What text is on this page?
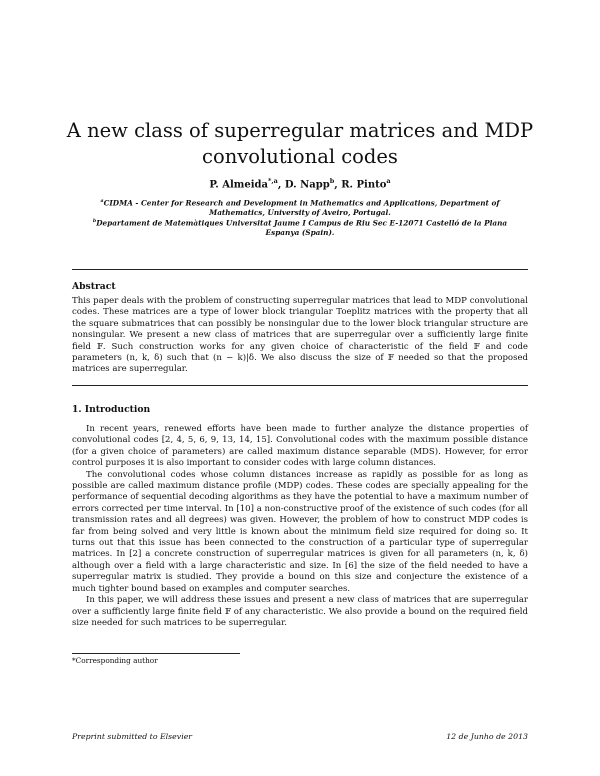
A new class of superregular matrices and MDP convolutional codes
P. Almeida$^{*,a}$, D. Napp$^b$, R. Pinto$^a$
$^a$CIDMA - Center for Research and Development in Mathematics and Applications, Department of Mathematics, University of Aveiro, Portugal.
$^b$Departament de Matemàtiques Universitat Jaume I Campus de Riu Sec E-12071 Castelló de la Plana Espanya (Spain).
Abstract

This paper deals with the problem of constructing superregular matrices that lead to MDP convolutional codes. These matrices are a type of lower block triangular Toeplitz matrices with the property that all the square submatrices that can possibly be nonsingular due to the lower block triangular structure are nonsingular. We present a new class of matrices that are superregular over a sufficiently large finite field 𝔽. Such construction works for any given choice of characteristic of the field 𝔽 and code parameters (n, k, δ) such that (n − k)|δ. We also discuss the size of 𝔽 needed so that the proposed matrices are superregular.

1. Introduction

In recent years, renewed efforts have been made to further analyze the distance properties of convolutional codes [2, 4, 5, 6, 9, 13, 14, 15]. Convolutional codes with the maximum possible distance (for a given choice of parameters) are called maximum distance separable (MDS). However, for error control purposes it is also important to consider codes with large column distances.

The convolutional codes whose column distances increase as rapidly as possible for as long as possible are called maximum distance profile (MDP) codes. These codes are specially appealing for the performance of sequential decoding algorithms as they have the potential to have a maximum number of errors corrected per time interval. In [10] a non-constructive proof of the existence of such codes (for all transmission rates and all degrees) was given. However, the problem of how to construct MDP codes is far from being solved and very little is known about the minimum field size required for doing so. It turns out that this issue has been connected to the construction of a particular type of superregular matrices. In [2] a concrete construction of superregular matrices is given for all parameters (n, k, δ) although over a field with a large characteristic and size. In [6] the size of the field needed to have a superregular matrix is studied. They provide a bound on this size and conjecture the existence of a much tighter bound based on examples and computer searches.

In this paper, we will address these issues and present a new class of matrices that are superregular over a sufficiently large finite field 𝔽 of any characteristic. We also provide a bound on the required field size needed for such matrices to be superregular.

*Corresponding author
Preprint submitted to Elsevier	12 de Junho de 2013
